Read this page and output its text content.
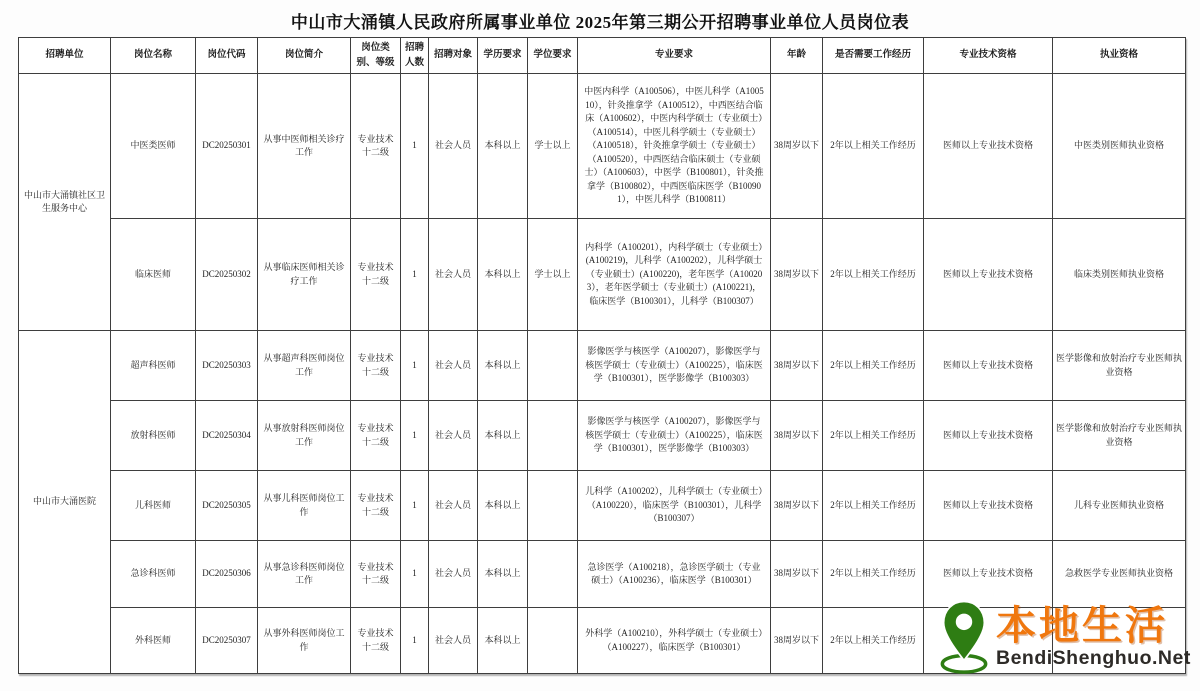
中山市大涌镇人民政府所属事业单位 2025年第三期公开招聘事业单位人员岗位表
招聘单位	岗位名称	岗位代码	岗位简介	岗位类别、等级	招聘人数	招聘对象	学历要求	学位要求	专业要求	年龄	是否需要工作经历	专业技术资格	执业资格
中山市大涌镇社区卫生服务中心	中医类医师	DC20250301	从事中医师相关诊疗工作	专业技术十二级	1	社会人员	本科以上	学士以上	中医内科学（A100506），中医儿科学（A100510），针灸推拿学（A100512），中西医结合临床（A100602），中医内科学硕士（专业硕士）（A100514），中医儿科学硕士（专业硕士）（A100518），针灸推拿学硕士（专业硕士）（A100520），中西医结合临床硕士（专业硕士）（A100603），中医学（B100801），针灸推拿学（B100802），中西医临床医学（B100901），中医儿科学（B100811）	38周岁以下	2年以上相关工作经历	医师以上专业技术资格	中医类别医师执业资格
	临床医师	DC20250302	从事临床医师相关诊疗工作	专业技术十二级	1	社会人员	本科以上	学士以上	内科学（A100201），内科学硕士（专业硕士）(A100219)，儿科学（A100202），儿科学硕士（专业硕士）(A100220)，老年医学（A100203），老年医学硕士（专业硕士）(A100221)，临床医学（B100301），儿科学（B100307）	38周岁以下	2年以上相关工作经历	医师以上专业技术资格	临床类别医师执业资格
中山市大涌医院	超声科医师	DC20250303	从事超声科医师岗位工作	专业技术十二级	1	社会人员	本科以上		影像医学与核医学（A100207），影像医学与核医学硕士（专业硕士）（A100225），临床医学（B100301），医学影像学（B100303）	38周岁以下	2年以上相关工作经历	医师以上专业技术资格	医学影像和放射治疗专业医师执业资格
	放射科医师	DC20250304	从事放射科医师岗位工作	专业技术十二级	1	社会人员	本科以上		影像医学与核医学（A100207），影像医学与核医学硕士（专业硕士）（A100225），临床医学（B100301），医学影像学（B100303）	38周岁以下	2年以上相关工作经历	医师以上专业技术资格	医学影像和放射治疗专业医师执业资格
	儿科医师	DC20250305	从事儿科医师岗位工作	专业技术十二级	1	社会人员	本科以上		儿科学（A100202），儿科学硕士（专业硕士）（A100220），临床医学（B100301），儿科学（B100307）	38周岁以下	2年以上相关工作经历	医师以上专业技术资格	儿科专业医师执业资格
	急诊科医师	DC20250306	从事急诊科医师岗位工作	专业技术十二级	1	社会人员	本科以上		急诊医学（A100218），急诊医学硕士（专业硕士）（A100236），临床医学（B100301）	38周岁以下	2年以上相关工作经历	医师以上专业技术资格	急救医学专业医师执业资格
	外科医师	DC20250307	从事外科医师岗位工作	专业技术十二级	1	社会人员	本科以上		外科学（A100210），外科学硕士（专业硕士）（A100227），临床医学（B100301）	38周岁以下	2年以上相关工作经历		本地生活
BendiShenghuo.Net
